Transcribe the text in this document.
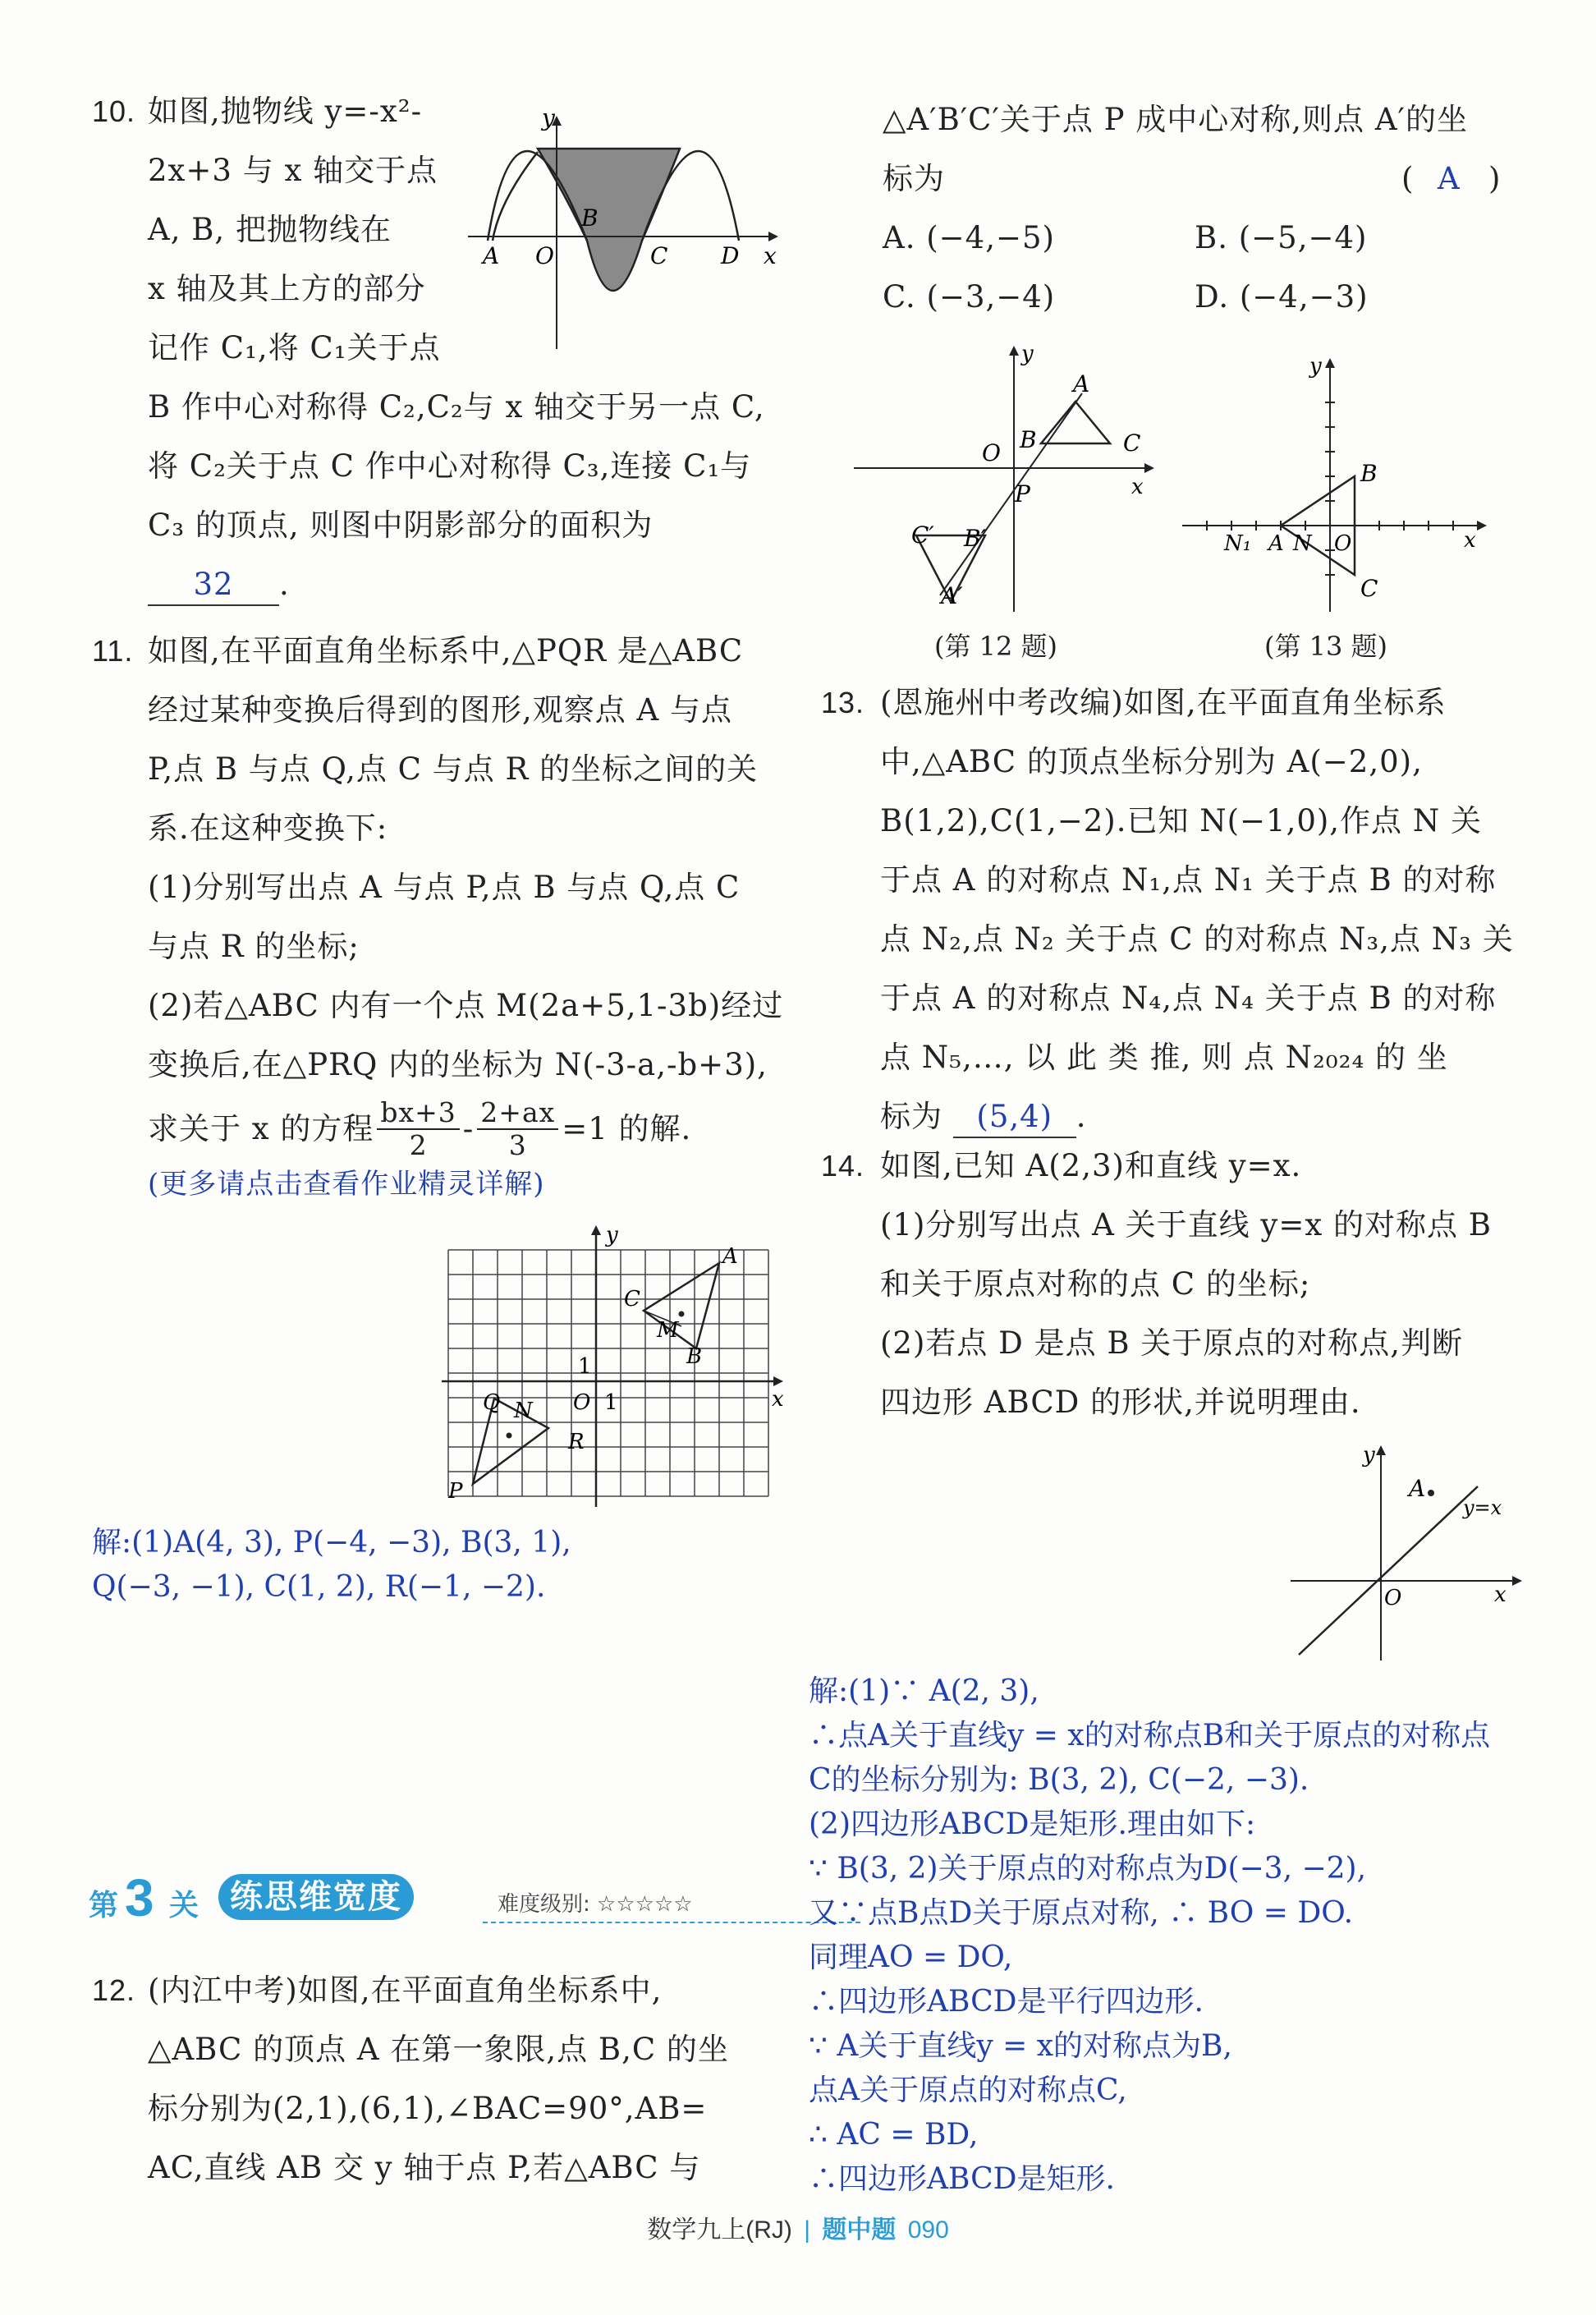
10. 如图,抛物线 y=-x²-
2x+3 与 x 轴交于点
A, B, 把抛物线在
x 轴及其上方的部分
记作 C₁,将 C₁关于点
B 作中心对称得 C₂,C₂与 x 轴交于另一点 C,
将 C₂关于点 C 作中心对称得 C₃,连接 C₁与
C₃ 的顶点, 则图中阴影部分的面积为
32 .
y
x
A O
B
C D
11. 如图,在平面直角坐标系中,△PQR 是△ABC
经过某种变换后得到的图形,观察点 A 与点
P,点 B 与点 Q,点 C 与点 R 的坐标之间的关
系.在这种变换下:
(1)分别写出点 A 与点 P,点 B 与点 Q,点 C
与点 R 的坐标;
(2)若△ABC 内有一个点 M(2a+5,1-3b)经过
变换后,在△PRQ 内的坐标为 N(-3-a,-b+3),
求关于 x 的方程 $\frac{bx+3}{2} - \frac{2+ax}{3} =1$ 的解.
(更多请点击查看作业精灵详解)
y
x
A
B
C
M
O 1
1
P
Q N
R
解:(1)A(4, 3), P(−4, −3), B(3, 1),
Q(−3, −1), C(1, 2), R(−1, −2).
第 3 关 练思维宽度	难度级别: ☆☆☆☆☆
12. (内江中考)如图,在平面直角坐标系中,
△ABC 的顶点 A 在第一象限,点 B,C 的坐
标分别为(2,1),(6,1),∠BAC=90°,AB=
AC,直线 AB 交 y 轴于点 P,若△ABC 与
△A′B′C′关于点 P 成中心对称,则点 A′的坐
标为	( A )
A. (−4,−5)	B. (−5,−4)
C. (−3,−4)	D. (−4,−3)
y
x
A
B	C
O
P
C′ B′
A′
(第 12 题)
y
x
B
C
N₁ A N O
(第 13 题)
13. (恩施州中考改编)如图,在平面直角坐标系
中,△ABC 的顶点坐标分别为 A(−2,0),
B(1,2),C(1,−2).已知 N(−1,0),作点 N 关
于点 A 的对称点 N₁,点 N₁ 关于点 B 的对称
点 N₂,点 N₂ 关于点 C 的对称点 N₃,点 N₃ 关
于点 A 的对称点 N₄,点 N₄ 关于点 B 的对称
点 N₅,…, 以 此 类 推, 则 点 N₂₀₂₄ 的 坐
标为 (5,4) .
14. 如图,已知 A(2,3)和直线 y=x.
(1)分别写出点 A 关于直线 y=x 的对称点 B
和关于原点对称的点 C 的坐标;
(2)若点 D 是点 B 关于原点的对称点,判断
四边形 ABCD 的形状,并说明理由.
y
x
A
O
y=x
解:(1)∵ A(2, 3),
∴点A关于直线y = x的对称点B和关于原点的对称点
C的坐标分别为: B(3, 2), C(−2, −3).
(2)四边形ABCD是矩形.理由如下:
∵ B(3, 2)关于原点的对称点为D(−3, −2),
又∵点B点D关于原点对称, ∴ BO = DO.
同理AO = DO,
∴四边形ABCD是平行四边形.
∵ A关于直线y = x的对称点为B,
点A关于原点的对称点C,
∴ AC = BD,
∴四边形ABCD是矩形.
数学九上(RJ) | 题中题 090
